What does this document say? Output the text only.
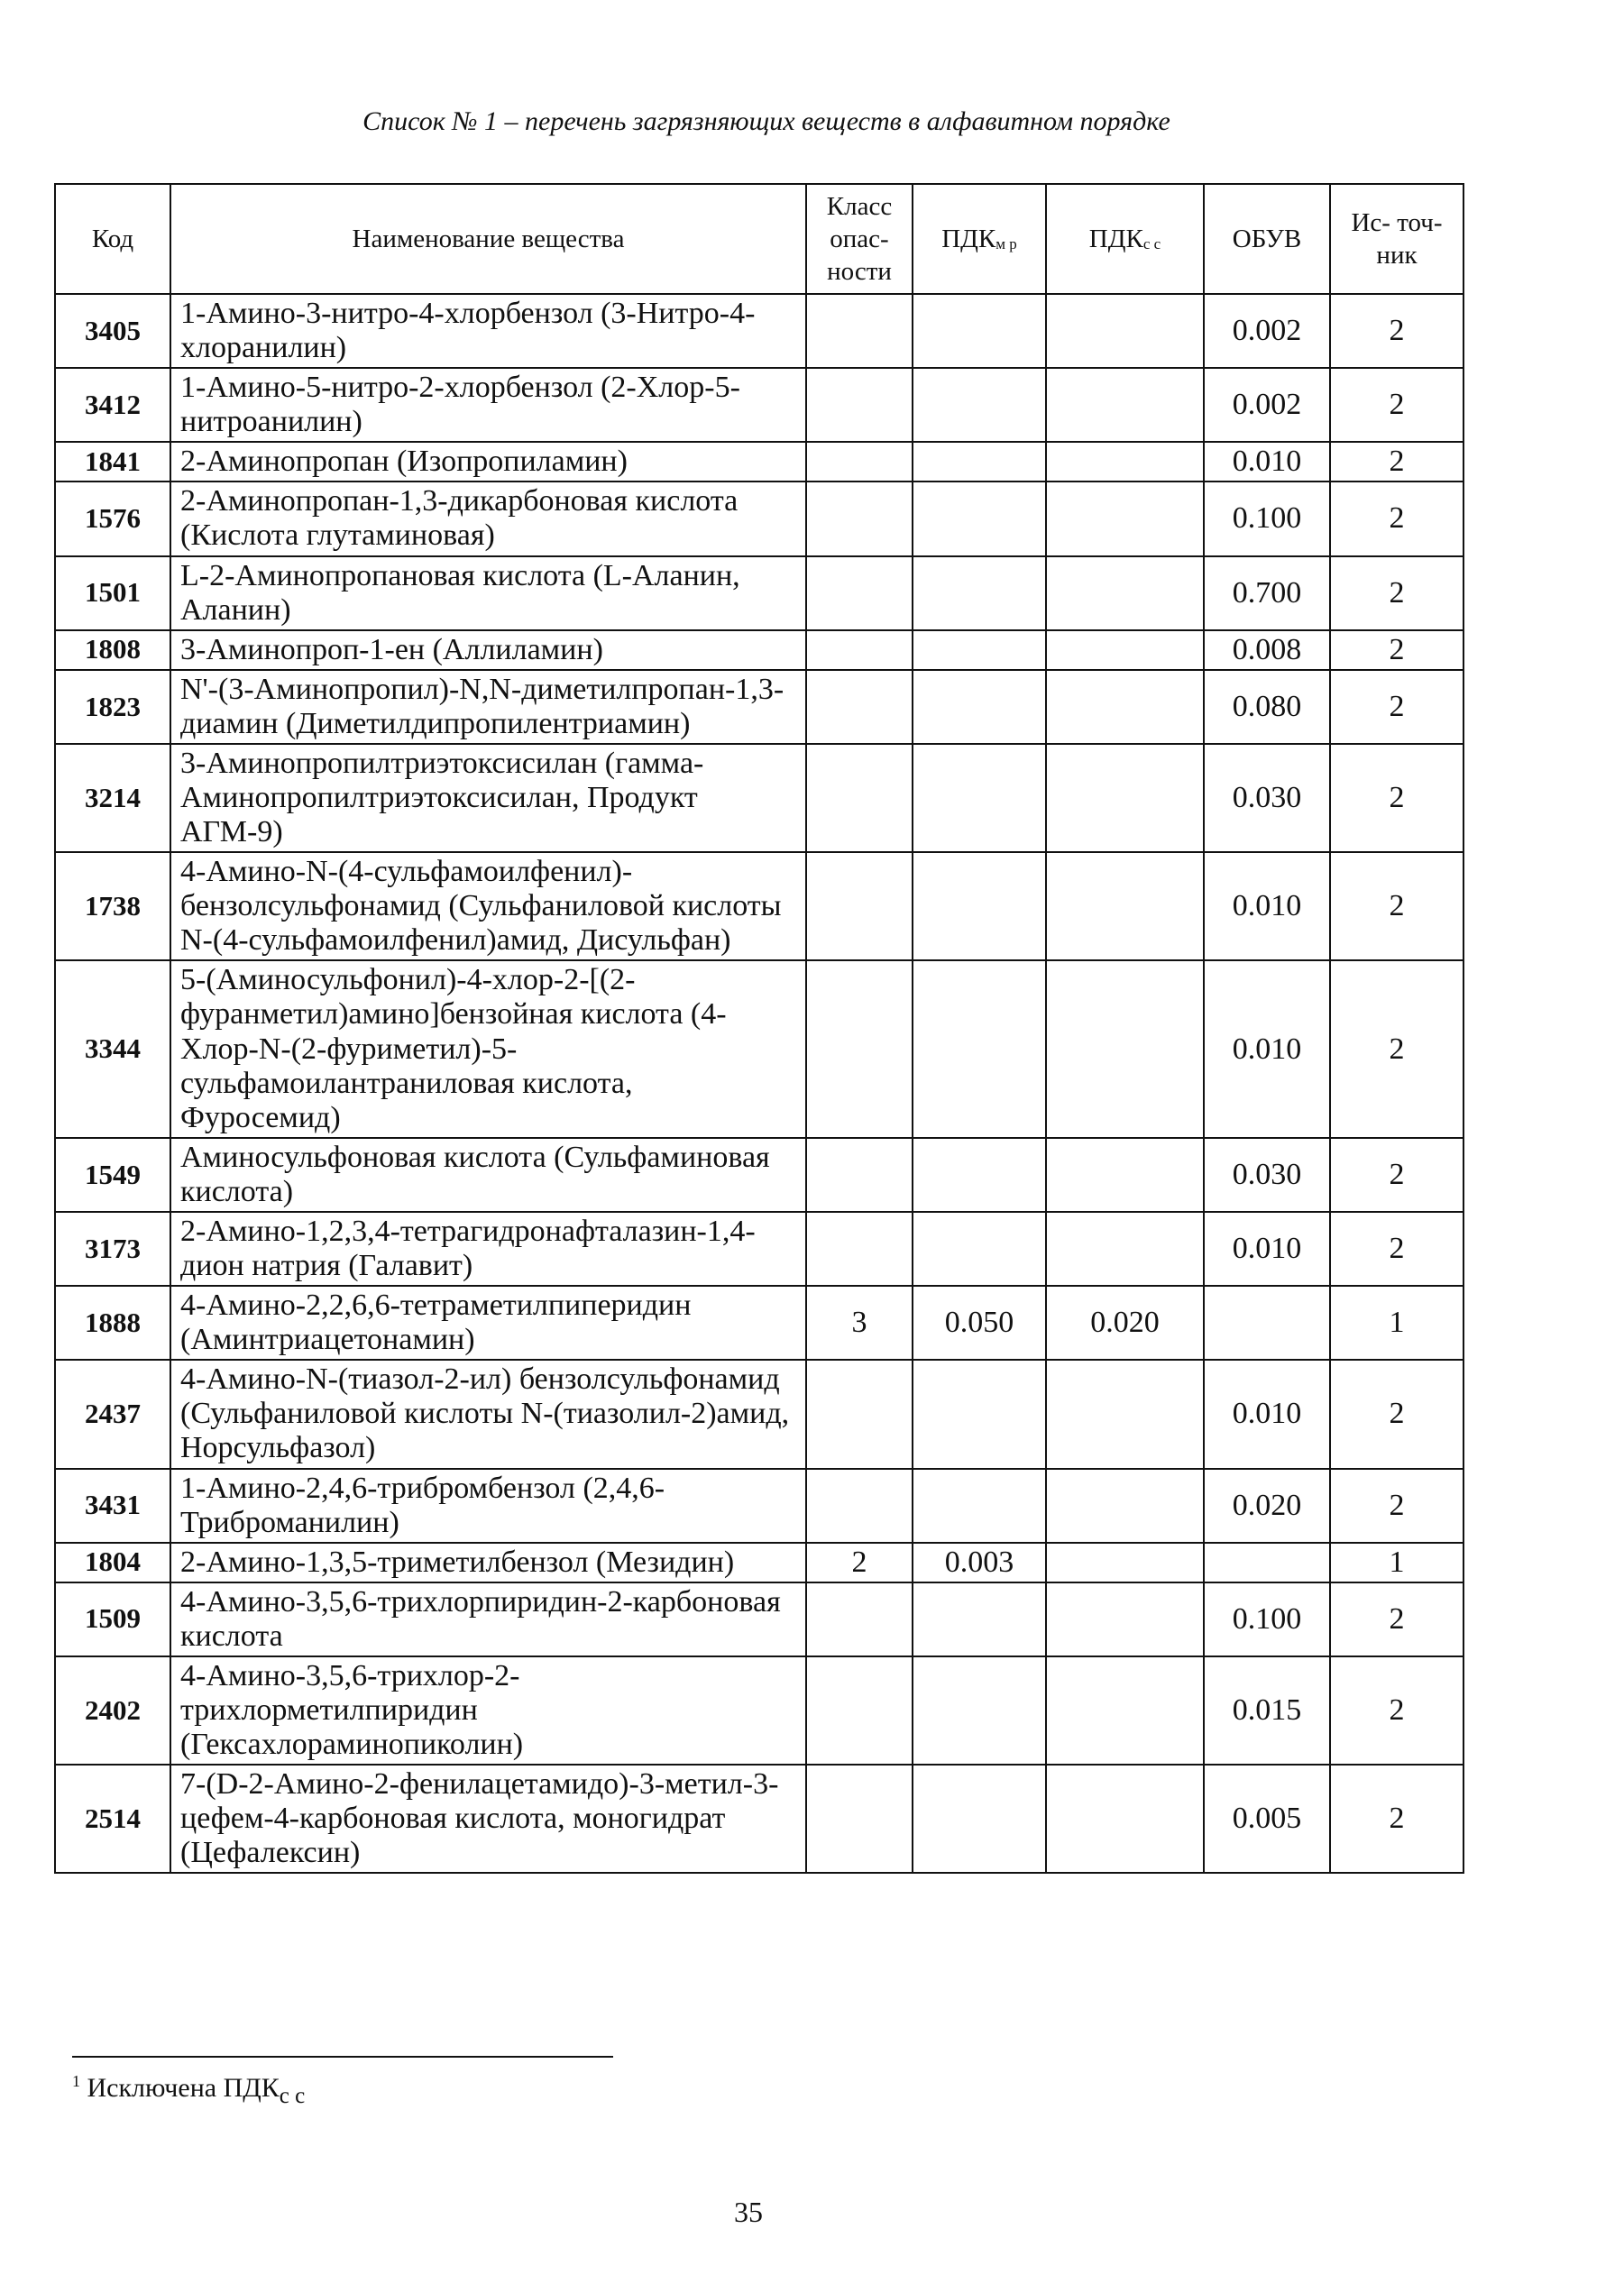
Список № 1 – перечень загрязняющих веществ в алфавитном порядке
Код	Наименование вещества	Класс опас- ности	$ПДК_{м р}$	$ПДК_{с с}$	ОБУВ	Ис- точ- ник
3405	1-Амино-3-нитро-4-хлорбензол (3-Нитро-4-хлоранилин)				0.002	2
3412	1-Амино-5-нитро-2-хлорбензол (2-Хлор-5-нитроанилин)				0.002	2
1841	2-Аминопропан (Изопропиламин)				0.010	2
1576	2-Аминопропан-1,3-дикарбоновая кислота (Кислота глутаминовая)				0.100	2
1501	L-2-Аминопропановая кислота (L-Аланин, Аланин)				0.700	2
1808	3-Аминопроп-1-ен (Аллиламин)				0.008	2
1823	N'-(3-Аминопропил)-N,N-диметилпропан-1,3-диамин (Диметилдипропилентриамин)				0.080	2
3214	3-Аминопропилтриэтоксисилан (гамма-Аминопропилтриэтоксисилан, Продукт АГМ-9)				0.030	2
1738	4-Амино-N-(4-сульфамоилфенил)-бензолсульфонамид (Сульфаниловой кислоты N-(4-сульфамоилфенил)амид, Дисульфан)				0.010	2
3344	5-(Аминосульфонил)-4-хлор-2-[(2-фуранметил)амино]бензойная кислота (4-Хлор-N-(2-фуриметил)-5-сульфамоилантраниловая кислота, Фуросемид)				0.010	2
1549	Аминосульфоновая кислота (Сульфаминовая кислота)				0.030	2
3173	2-Амино-1,2,3,4-тетрагидронафталазин-1,4-дион натрия (Галавит)				0.010	2
1888	4-Амино-2,2,6,6-тетраметилпиперидин (Аминтриацетонамин)	3	0.050	0.020		1
2437	4-Амино-N-(тиазол-2-ил) бензолсульфонамид (Сульфаниловой кислоты N-(тиазолил-2)амид, Норсульфазол)				0.010	2
3431	1-Амино-2,4,6-трибромбензол (2,4,6-Триброманилин)				0.020	2
1804	2-Амино-1,3,5-триметилбензол (Мезидин)	2	0.003			1
1509	4-Амино-3,5,6-трихлорпиридин-2-карбоновая кислота				0.100	2
2402	4-Амино-3,5,6-трихлор-2-трихлорметилпиридин (Гексахлораминопиколин)				0.015	2
2514	7-(D-2-Амино-2-фенилацетамидо)-3-метил-3-цефем-4-карбоновая кислота, моногидрат (Цефалексин)				0.005	2
$^1$ Исключена $ПДК_{с с}$
35
